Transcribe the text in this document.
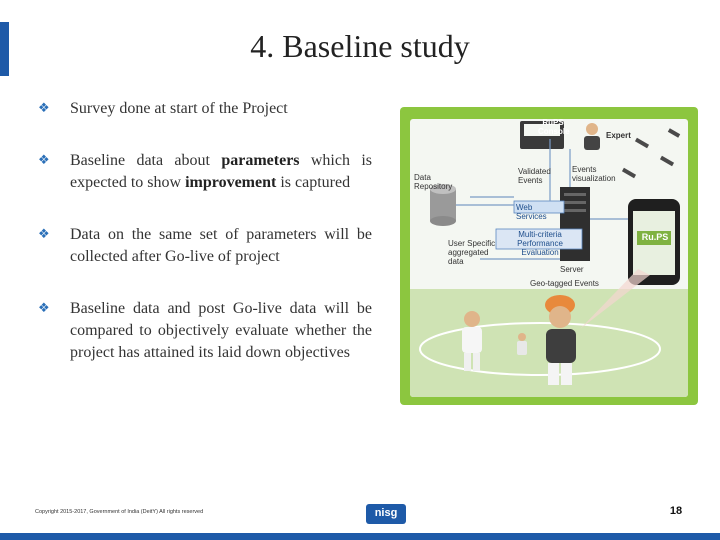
4. Baseline study
❖ Survey done at start of the Project
❖ Baseline data about parameters which is expected to show improvement is captured
❖ Data on the same set of parameters will be collected after Go-live of project
❖ Baseline data and post Go-live data will be compared to objectively evaluate whether the project has attained its laid down objectives
RuPS Console	Expert
Data Repository
Validated Events
Events visualization
Web Services
Multi-criteria Performance Evaluation
User Specific aggregated data
Server
Geo-tagged Events
Ru.PS
Copyright 2015-2017, Government of India (DeitY) All rights reserved	nisg	18
